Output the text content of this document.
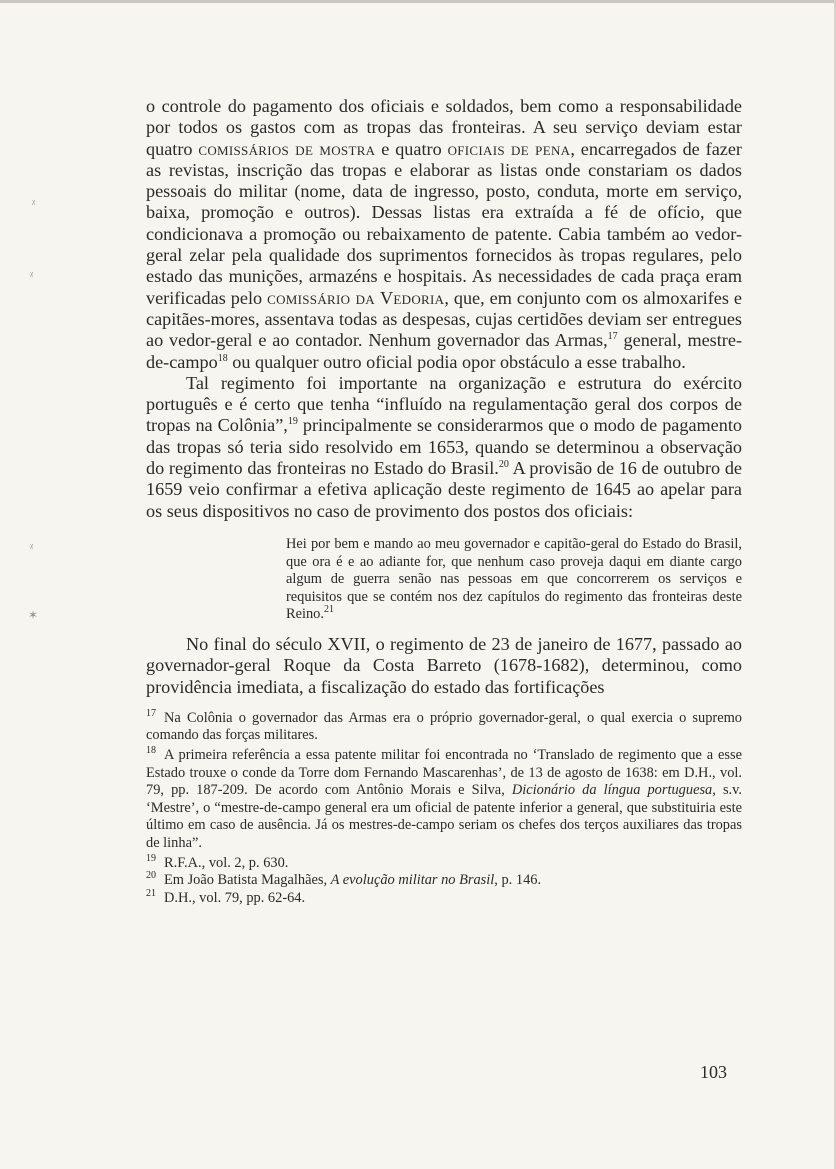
ᵡ
ᵡ
ᵡ
✶

o controle do pagamento dos oficiais e soldados, bem como a responsabilidade por todos os gastos com as tropas das fronteiras. A seu serviço deviam estar quatro comissários de mostra e quatro oficiais de pena, encarregados de fazer as revistas, inscrição das tropas e elaborar as listas onde constariam os dados pessoais do militar (nome, data de ingresso, posto, conduta, morte em serviço, baixa, promoção e outros). Dessas listas era extraída a fé de ofício, que condicionava a promoção ou rebaixamento de patente. Cabia também ao vedor-geral zelar pela qualidade dos suprimentos fornecidos às tropas regulares, pelo estado das munições, armazéns e hospitais. As necessidades de cada praça eram verificadas pelo comissário da Vedoria, que, em conjunto com os almoxarifes e capitães-mores, assentava todas as despesas, cujas certidões deviam ser entregues ao vedor-geral e ao contador. Nenhum governador das Armas,$^{17}$ general, mestre-de-campo$^{18}$ ou qualquer outro oficial podia opor obstáculo a esse trabalho.

Tal regimento foi importante na organização e estrutura do exército português e é certo que tenha “influído na regulamentação geral dos corpos de tropas na Colônia”,$^{19}$ principalmente se considerarmos que o modo de pagamento das tropas só teria sido resolvido em 1653, quando se determinou a observação do regimento das fronteiras no Estado do Brasil.$^{20}$ A provisão de 16 de outubro de 1659 veio confirmar a efetiva aplicação deste regimento de 1645 ao apelar para os seus dispositivos no caso de provimento dos postos dos oficiais:

Hei por bem e mando ao meu governador e capitão-geral do Estado do Brasil, que ora é e ao adiante for, que nenhum caso proveja daqui em diante cargo algum de guerra senão nas pessoas em que concorrerem os serviços e requisitos que se contém nos dez capítulos do regimento das fronteiras deste Reino.$^{21}$

No final do século XVII, o regimento de 23 de janeiro de 1677, passado ao governador-geral Roque da Costa Barreto (1678-1682), determinou, como providência imediata, a fiscalização do estado das fortificações

$^{17}$ Na Colônia o governador das Armas era o próprio governador-geral, o qual exercia o supremo comando das forças militares.

$^{18}$ A primeira referência a essa patente militar foi encontrada no ‘Translado de regimento que a esse Estado trouxe o conde da Torre dom Fernando Mascarenhas’, de 13 de agosto de 1638: em D.H., vol. 79, pp. 187-209. De acordo com Antônio Morais e Silva, Dicionário da língua portuguesa, s.v. ‘Mestre’, o “mestre-de-campo general era um oficial de patente inferior a general, que substituiria este último em caso de ausência. Já os mestres-de-campo seriam os chefes dos terços auxiliares das tropas de linha”.

$^{19}$ R.F.A., vol. 2, p. 630.

$^{20}$ Em João Batista Magalhães, A evolução militar no Brasil, p. 146.

$^{21}$ D.H., vol. 79, pp. 62-64.

103
